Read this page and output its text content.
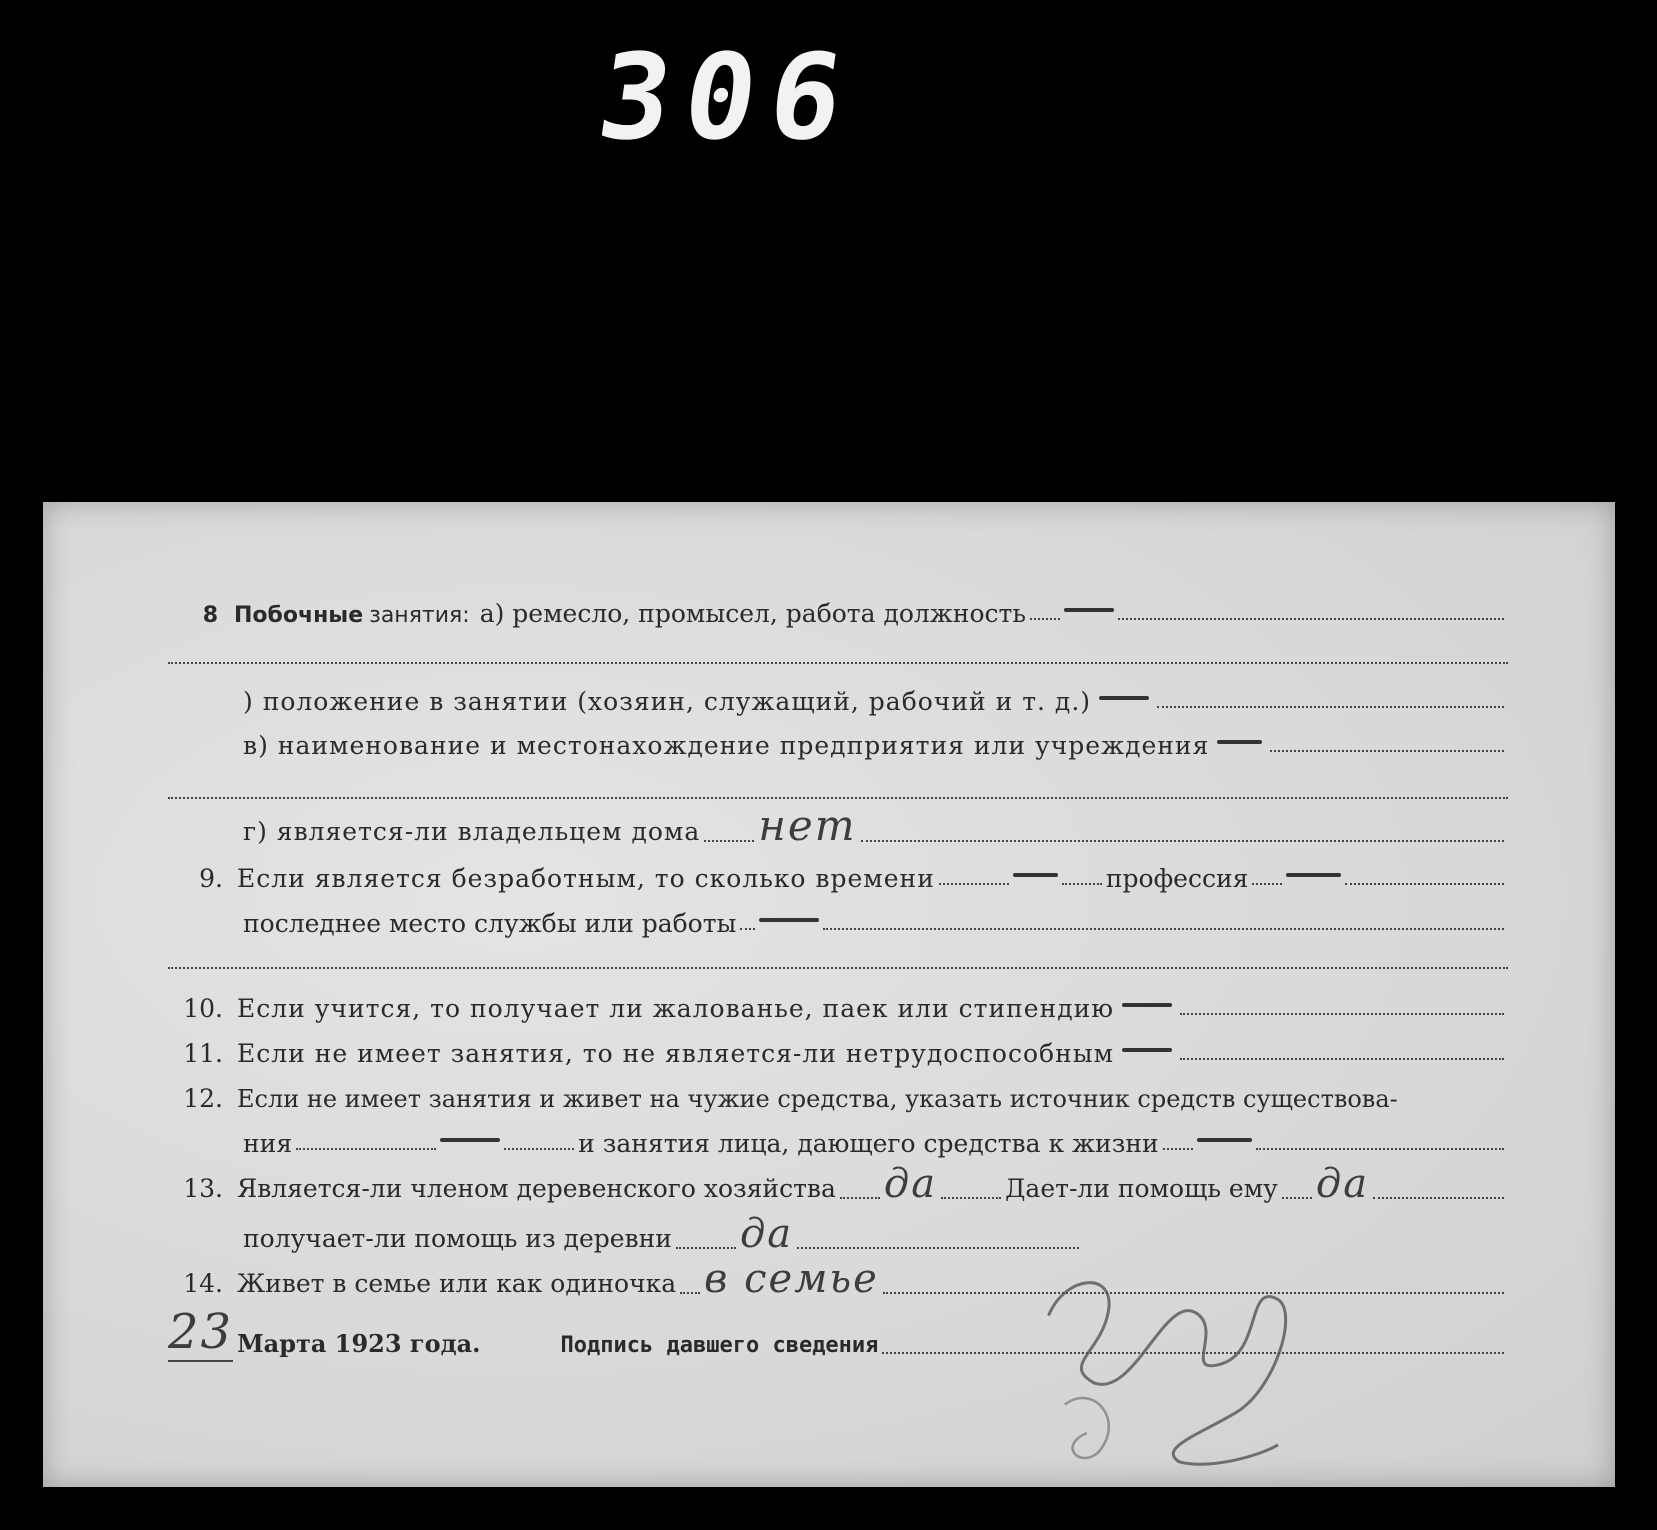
306
8 Побочные занятия: а) ремесло, промысел, работа должность
) положение в занятии (хозяин, служащий, рабочий и т. д.)
в) наименование и местонахождение предприятия или учреждения
г) является-ли владельцем дома нет
9. Если является безработным, то сколько времени	профессия
последнее место службы или работы
10. Если учится, то получает ли жалованье, паек или стипендию
11. Если не имеет занятия, то не является-ли нетрудоспособным
12. Если не имеет занятия и живет на чужие средства, указать источник средств существова-
ния	и занятия лица, дающего средства к жизни
13. Является-ли членом деревенского хозяйства да	Дает-ли помощь ему да
получает-ли помощь из деревни да
14. Живет в семье или как одиночка в семье
23 Марта 1923 года.	Подпись давшего сведения
